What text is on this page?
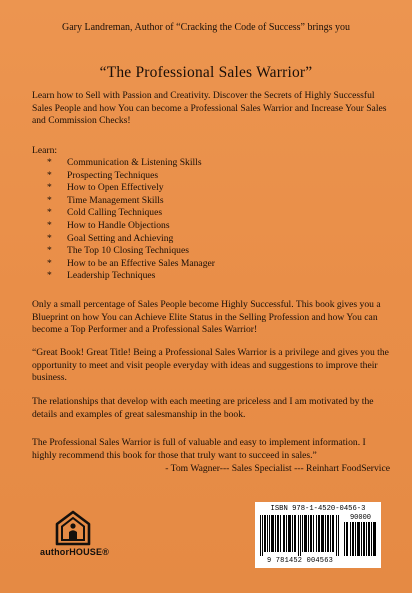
Gary Landreman, Author of “Cracking the Code of Success” brings you
“The Professional Sales Warrior”
Learn how to Sell with Passion and Creativity. Discover the Secrets of Highly Successful Sales People and how You can become a Professional Sales Warrior and Increase Your Sales and Commission Checks!
Learn:
* Communication & Listening Skills
* Prospecting Techniques
* How to Open Effectively
* Time Management Skills
* Cold Calling Techniques
* How to Handle Objections
* Goal Setting and Achieving
* The Top 10 Closing Techniques
* How to be an Effective Sales Manager
* Leadership Techniques
Only a small percentage of Sales People become Highly Successful. This book gives you a Blueprint on how You can Achieve Elite Status in the Selling Profession and how You can become a Top Performer and a Professional Sales Warrior!
“Great Book! Great Title! Being a Professional Sales Warrior is a privilege and gives you the opportunity to meet and visit people everyday with ideas and suggestions to improve their business.
The relationships that develop with each meeting are priceless and I am motivated by the details and examples of great salesmanship in the book.
The Professional Sales Warrior is full of valuable and easy to implement information. I highly recommend this book for those that truly want to succeed in sales.”
- Tom Wagner--- Sales Specialist --- Reinhart FoodService
authorHOUSE®
ISBN 978-1-4520-0456-3
90000
9 781452 004563
